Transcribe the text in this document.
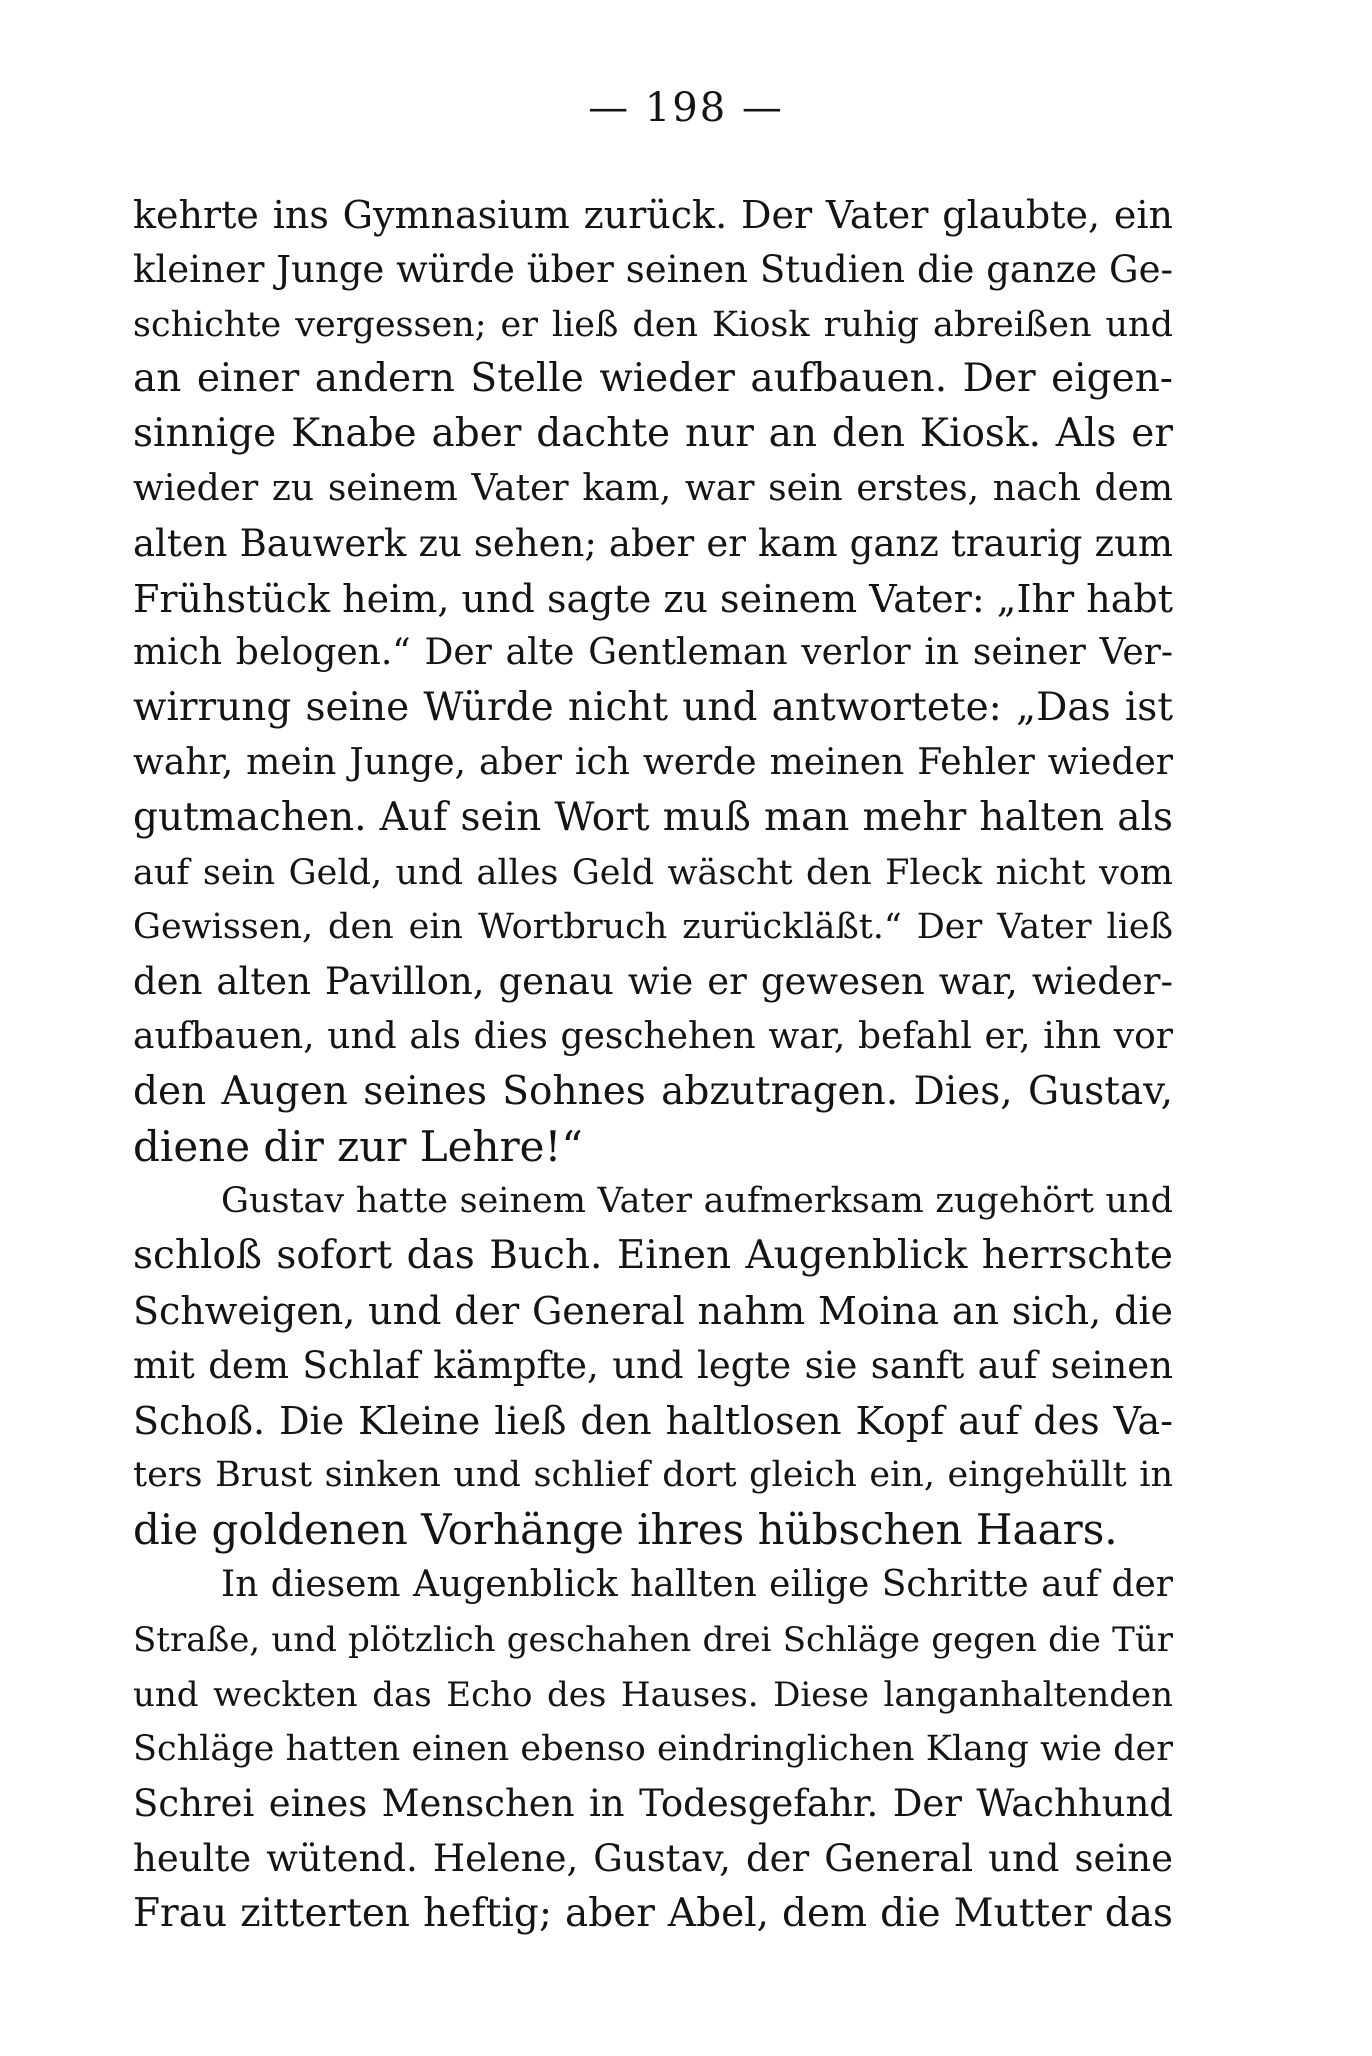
— 198 —
kehrte ins Gymnasium zurück. Der Vater glaubte, ein
kleiner Junge würde über seinen Studien die ganze Ge-
schichte vergessen; er ließ den Kiosk ruhig abreißen und
an einer andern Stelle wieder aufbauen. Der eigen-
sinnige Knabe aber dachte nur an den Kiosk. Als er
wieder zu seinem Vater kam, war sein erstes, nach dem
alten Bauwerk zu sehen; aber er kam ganz traurig zum
Frühstück heim, und sagte zu seinem Vater: „Ihr habt
mich belogen.“ Der alte Gentleman verlor in seiner Ver-
wirrung seine Würde nicht und antwortete: „Das ist
wahr, mein Junge, aber ich werde meinen Fehler wieder
gutmachen. Auf sein Wort muß man mehr halten als
auf sein Geld, und alles Geld wäscht den Fleck nicht vom
Gewissen, den ein Wortbruch zurückläßt.“ Der Vater ließ
den alten Pavillon, genau wie er gewesen war, wieder-
aufbauen, und als dies geschehen war, befahl er, ihn vor
den Augen seines Sohnes abzutragen. Dies, Gustav,
diene dir zur Lehre!“
Gustav hatte seinem Vater aufmerksam zugehört und
schloß sofort das Buch. Einen Augenblick herrschte
Schweigen, und der General nahm Moina an sich, die
mit dem Schlaf kämpfte, und legte sie sanft auf seinen
Schoß. Die Kleine ließ den haltlosen Kopf auf des Va-
ters Brust sinken und schlief dort gleich ein, eingehüllt in
die goldenen Vorhänge ihres hübschen Haars.
In diesem Augenblick hallten eilige Schritte auf der
Straße, und plötzlich geschahen drei Schläge gegen die Tür
und weckten das Echo des Hauses. Diese langanhaltenden
Schläge hatten einen ebenso eindringlichen Klang wie der
Schrei eines Menschen in Todesgefahr. Der Wachhund
heulte wütend. Helene, Gustav, der General und seine
Frau zitterten heftig; aber Abel, dem die Mutter das
